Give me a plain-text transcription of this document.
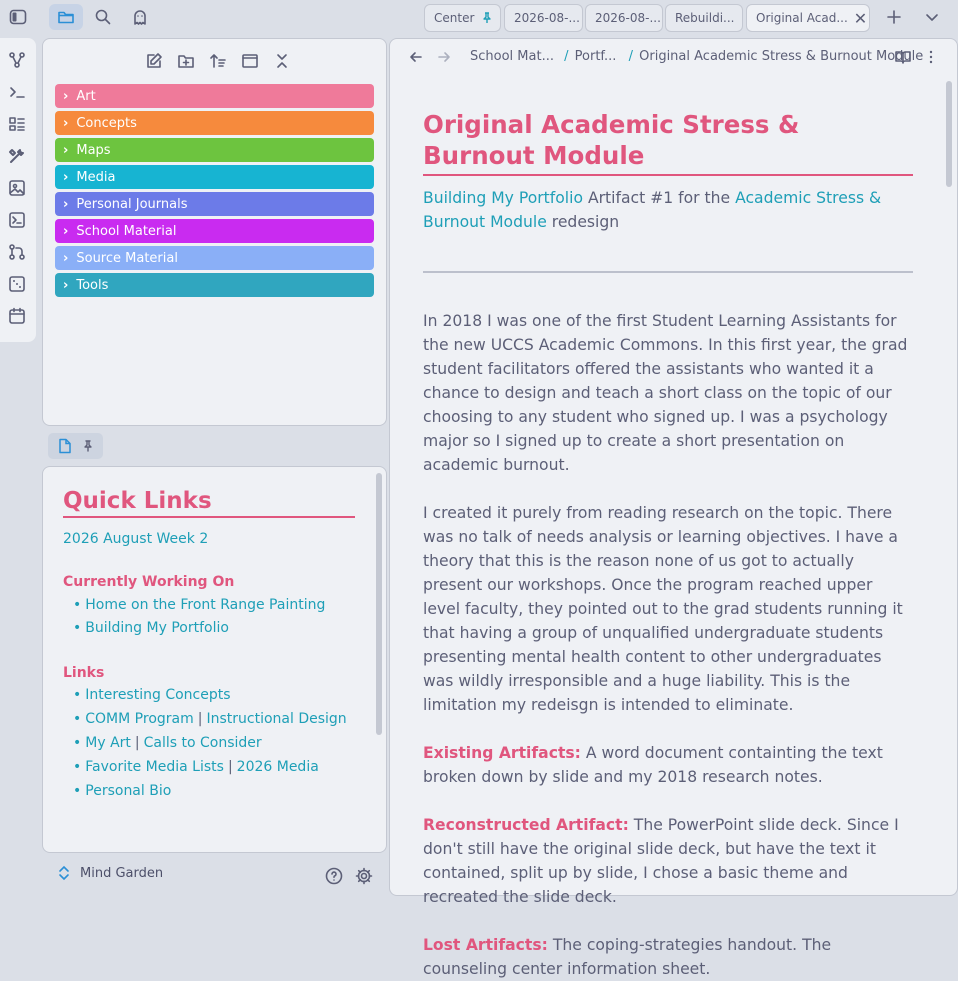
Center	2026-08-... 2026-08-... Rebuildi... Original Acad... ✕
› Art
› Concepts
› Maps
› Media
› Personal Journals
› School Material
› Source Material
› Tools
Quick Links
2026 August Week 2
Currently Working On
• Home on the Front Range Painting
• Building My Portfolio
Links
• Interesting Concepts
• COMM Program | Instructional Design
• My Art | Calls to Consider
• Favorite Media Lists | 2026 Media
• Personal Bio
Mind Garden
School Mat... / Portf... / Original Academic Stress & Burnout Module
Original Academic Stress & Burnout Module

Building My Portfolio Artifact #1 for the Academic Stress & Burnout Module redesign

In 2018 I was one of the first Student Learning Assistants for the new UCCS Academic Commons. In this first year, the grad student facilitators offered the assistants who wanted it a chance to design and teach a short class on the topic of our choosing to any student who signed up. I was a psychology major so I signed up to create a short presentation on academic burnout.

I created it purely from reading research on the topic. There was no talk of needs analysis or learning objectives. I have a theory that this is the reason none of us got to actually present our workshops. Once the program reached upper level faculty, they pointed out to the grad students running it that having a group of unqualified undergraduate students presenting mental health content to other undergraduates was wildly irresponsible and a huge liability. This is the limitation my redeisgn is intended to eliminate.

Existing Artifacts: A word document containting the text broken down by slide and my 2018 research notes.

Reconstructed Artifact: The PowerPoint slide deck. Since I don't still have the original slide deck, but have the text it contained, split up by slide, I chose a basic theme and recreated the slide deck.

Lost Artifacts: The coping-strategies handout. The counseling center information sheet.
